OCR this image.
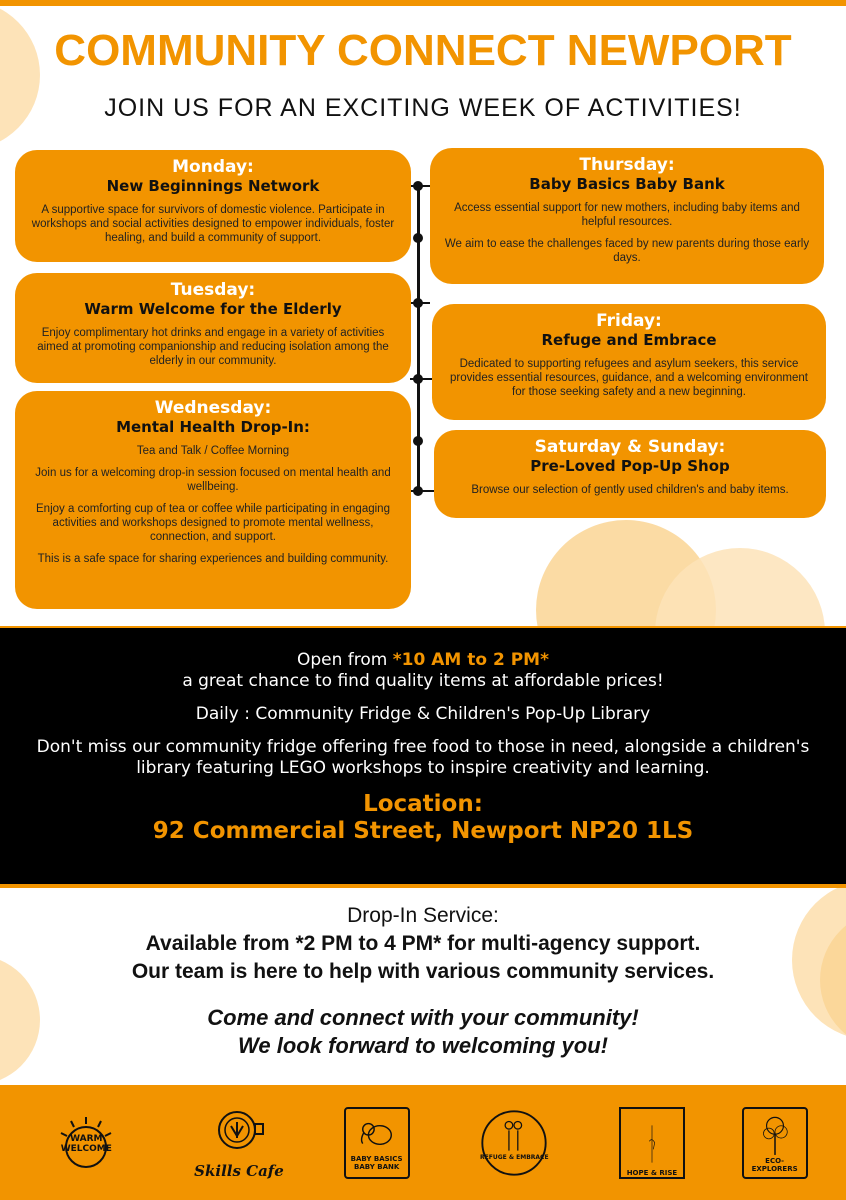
COMMUNITY CONNECT NEWPORT
JOIN US FOR AN EXCITING WEEK OF ACTIVITIES!
Monday:
New Beginnings Network

A supportive space for survivors of domestic violence. Participate in workshops and social activities designed to empower individuals, foster healing, and build a community of support.

Tuesday:
Warm Welcome for the Elderly

Enjoy complimentary hot drinks and engage in a variety of activities aimed at promoting companionship and reducing isolation among the elderly in our community.

Wednesday:
Mental Health Drop-In:

Tea and Talk / Coffee Morning

Join us for a welcoming drop-in session focused on mental health and wellbeing.

Enjoy a comforting cup of tea or coffee while participating in engaging activities and workshops designed to promote mental wellness, connection, and support.

This is a safe space for sharing experiences and building community.

Thursday:
Baby Basics Baby Bank

Access essential support for new mothers, including baby items and helpful resources.

We aim to ease the challenges faced by new parents during those early days.

Friday:
Refuge and Embrace

Dedicated to supporting refugees and asylum seekers, this service provides essential resources, guidance, and a welcoming environment for those seeking safety and a new beginning.

Saturday & Sunday:
Pre-Loved Pop-Up Shop

Browse our selection of gently used children's and baby items.

Open from *10 AM to 2 PM*
a great chance to find quality items at affordable prices!
Daily : Community Fridge & Children's Pop-Up Library
Don't miss our community fridge offering free food to those in need, alongside a children's library featuring LEGO workshops to inspire creativity and learning.
Location:
92 Commercial Street, Newport NP20 1LS
Drop-In Service:
Available from *2 PM to 4 PM* for multi-agency support.
Our team is here to help with various community services.
Come and connect with your community!
We look forward to welcoming you!
WARM WELCOME
Skills Cafe
BABY BASICS BABY BANK
REFUGE & EMBRACE
HOPE & RISE
ECO-EXPLORERS
